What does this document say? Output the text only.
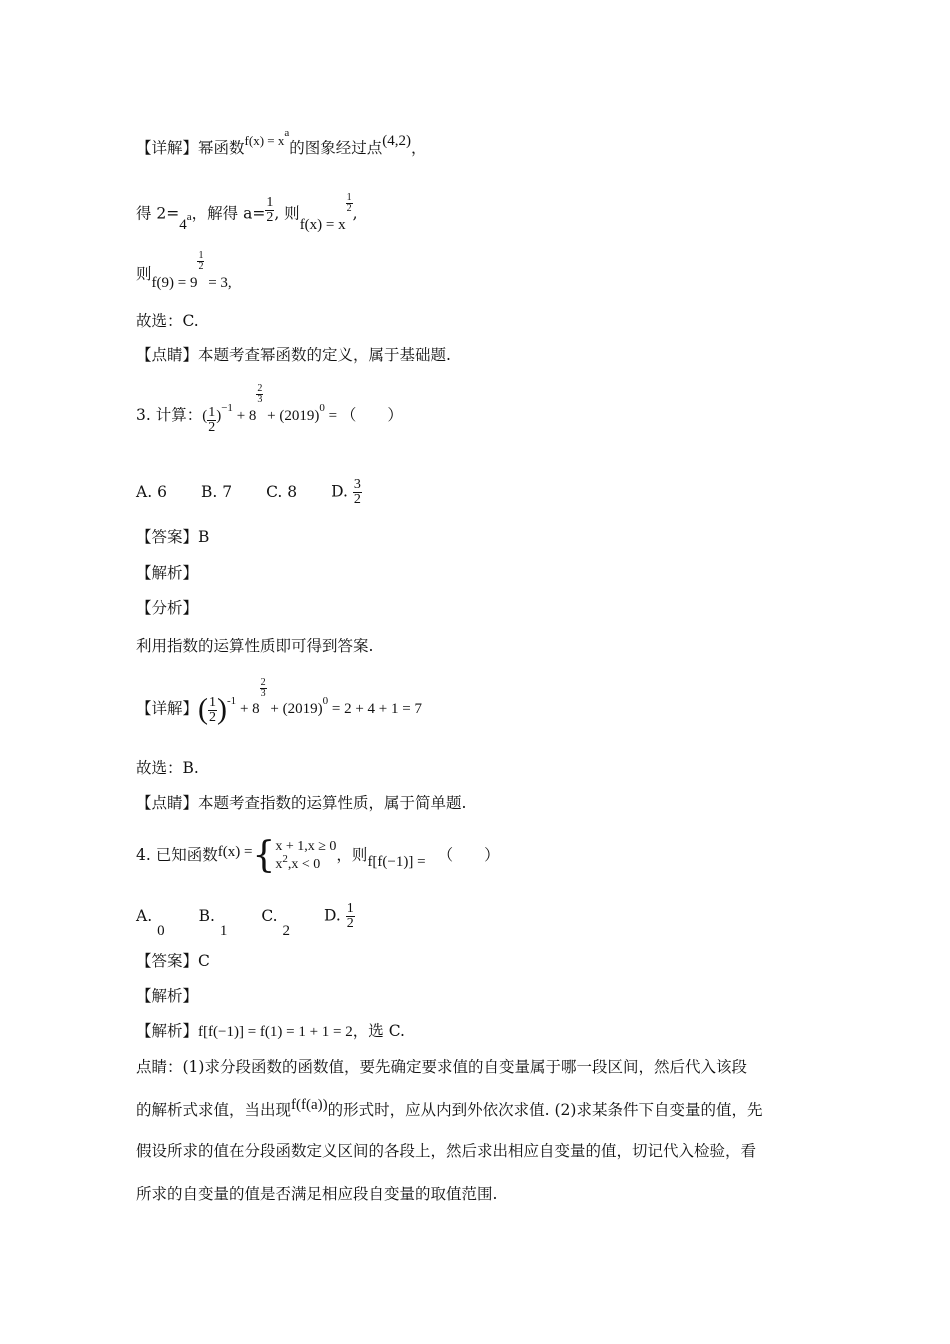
【详解】幂函数$f(x) = x^a$的图象经过点(4,2)，
得 $2=4^a$，解得 $a= \frac{1}{2}$ , 则f(x) = x
$\frac{1}{2}$ ,
则f(9) = 9
$\frac{1}{2}$
= 3,
故选：C.
【点睛】本题考查幂函数的定义，属于基础题.
3. 计算：( $\frac{1}{2} )^{-1} + 8$
$\frac{2}{3}$
+ $(2019)^0$ = （　　）
A. 6 B. 7 C. 8 D. $\frac{3}{2}$
【答案】B
【解析】
【分析】
利用指数的运算性质即可得到答案.
【详解】( $\frac{1}{2} )^{-1} + 8$
$\frac{2}{3}$
+ $(2019)^0 = 2 + 4 + 1 = 7$
故选：B.
【点睛】本题考查指数的运算性质，属于简单题.
4. 已知函数f(x) ={ x + 1,x ≥ 0
$x^2,x < 0$
，则f[f(−1)] = （　　）
A. 0B. 1C. 2D. $\frac{1}{2}$
【答案】C
【解析】
【解析】f[f(−1)] = f(1) = 1 + 1 = 2，选 C.
点睛：(1)求分段函数的函数值，要先确定要求值的自变量属于哪一段区间，然后代入该段
的解析式求值，当出现f(f(a))的形式时，应从内到外依次求值. (2)求某条件下自变量的值，先
假设所求的值在分段函数定义区间的各段上，然后求出相应自变量的值，切记代入检验，看
所求的自变量的值是否满足相应段自变量的取值范围.
